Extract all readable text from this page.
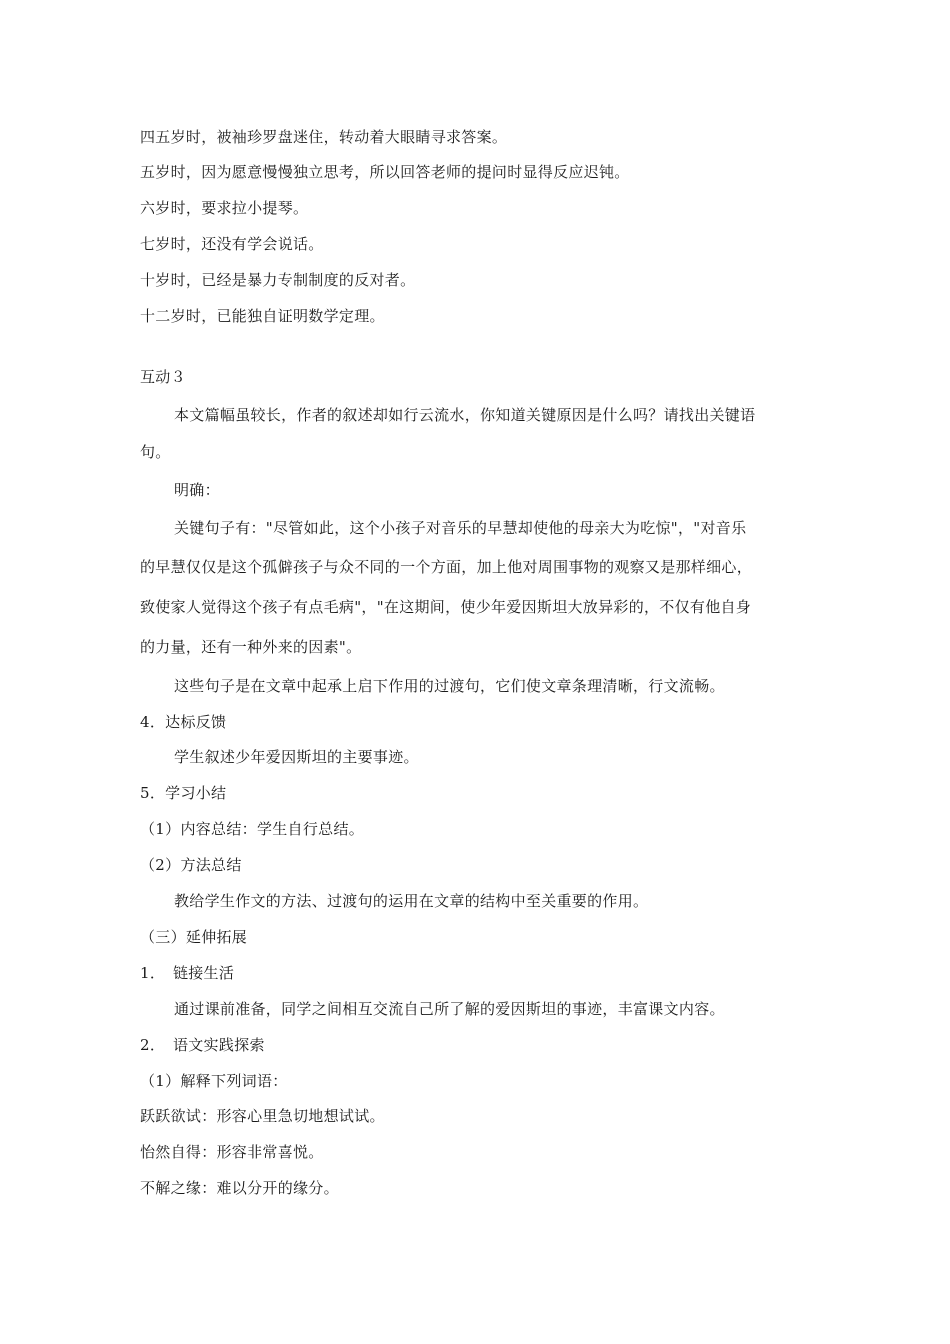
四五岁时，被袖珍罗盘迷住，转动着大眼睛寻求答案。
五岁时，因为愿意慢慢独立思考，所以回答老师的提问时显得反应迟钝。
六岁时，要求拉小提琴。
七岁时，还没有学会说话。
十岁时，已经是暴力专制制度的反对者。
十二岁时，已能独自证明数学定理。
互动３
本文篇幅虽较长，作者的叙述却如行云流水，你知道关键原因是什么吗？请找出关键语
句。
明确：
关键句子有："尽管如此，这个小孩子对音乐的早慧却使他的母亲大为吃惊"，"对音乐
的早慧仅仅是这个孤僻孩子与众不同的一个方面，加上他对周围事物的观察又是那样细心，
致使家人觉得这个孩子有点毛病"，"在这期间，使少年爱因斯坦大放异彩的，不仅有他自身
的力量，还有一种外来的因素"。
这些句子是在文章中起承上启下作用的过渡句，它们使文章条理清晰，行文流畅。
4．达标反馈
学生叙述少年爱因斯坦的主要事迹。
5．学习小结
（1）内容总结：学生自行总结。
（2）方法总结
教给学生作文的方法、过渡句的运用在文章的结构中至关重要的作用。
（三）延伸拓展
1．　链接生活
通过课前准备，同学之间相互交流自己所了解的爱因斯坦的事迹，丰富课文内容。
2．　语文实践探索
（1）解释下列词语：
跃跃欲试：形容心里急切地想试试。
怡然自得：形容非常喜悦。
不解之缘：难以分开的缘分。
